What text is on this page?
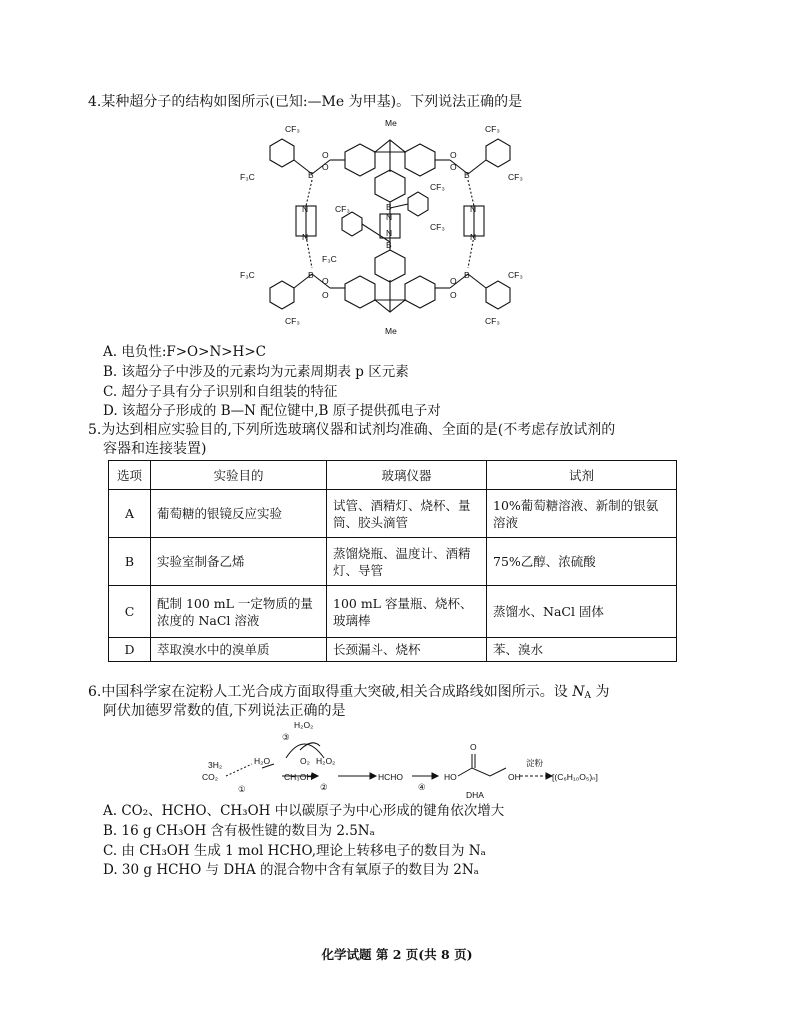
4.某种超分子的结构如图所示(已知:—Me 为甲基)。下列说法正确的是
Me
Me
CF₃
F₃C
CF₃
CF₃
F₃C
CF₃
CF₃
CF₃
CF₃
CF₃
CF₃
F₃C
B	B
B	B
B
B
N
N
N
N
N
N
O
O
O
O
O
O
O
O
A. 电负性:F>O>N>H>C
B. 该超分子中涉及的元素均为元素周期表 p 区元素
C. 超分子具有分子识别和自组装的特征
D. 该超分子形成的 B—N 配位键中,B 原子提供孤电子对
5.为达到相应实验目的,下列所选玻璃仪器和试剂均准确、全面的是(不考虑存放试剂的
容器和连接装置)
选项	实验目的	玻璃仪器	试剂
A	葡萄糖的银镜反应实验	试管、酒精灯、烧杯、量筒、胶头滴管	10%葡萄糖溶液、新制的银氨溶液
B	实验室制备乙烯	蒸馏烧瓶、温度计、酒精灯、导管	75%乙醇、浓硫酸
C	配制 100 mL 一定物质的量浓度的 NaCl 溶液	100 mL 容量瓶、烧杯、玻璃棒	蒸馏水、NaCl 固体
D	萃取溴水中的溴单质	长颈漏斗、烧杯	苯、溴水
6.中国科学家在淀粉人工光合成方面取得重大突破,相关合成路线如图所示。设 $N_A$ 为
阿伏加德罗常数的值,下列说法正确的是
H₂O₂
③
3H₂
CO₂
H₂O	O₂ H₂O₂
①
CH₃OH
②
HCHO
④
HO
O
OH
DHA
淀粉
[(C₆H₁₀O₅)ₙ]
A. CO₂、HCHO、CH₃OH 中以碳原子为中心形成的键角依次增大
B. 16 g CH₃OH 含有极性键的数目为 2.5Nₐ
C. 由 CH₃OH 生成 1 mol HCHO,理论上转移电子的数目为 Nₐ
D. 30 g HCHO 与 DHA 的混合物中含有氧原子的数目为 2Nₐ
化学试题 第 2 页(共 8 页)
